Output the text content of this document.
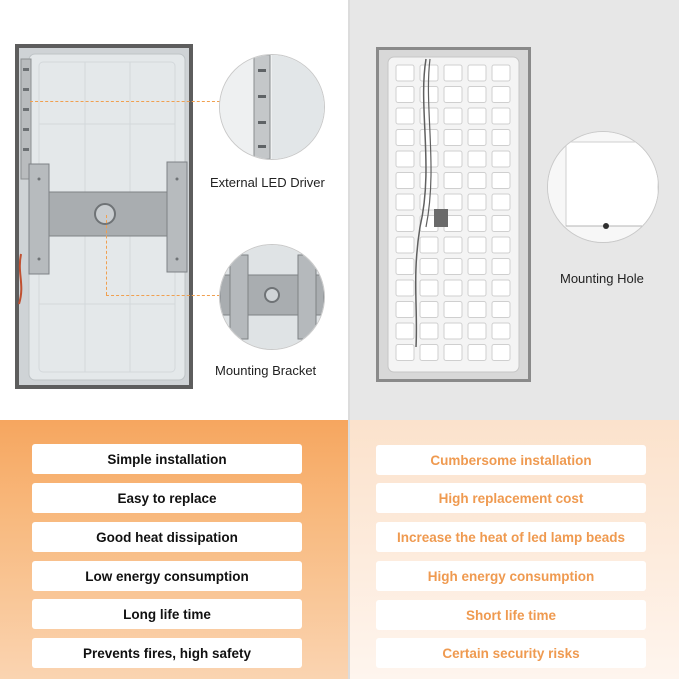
External LED Driver
Mounting Bracket
Mounting Hole
Simple installation
Easy to replace
Good heat dissipation
Low energy consumption
Long life time
Prevents fires, high safety
Cumbersome installation
High replacement cost
Increase the heat of led lamp beads
High energy consumption
Short life time
Certain security risks
